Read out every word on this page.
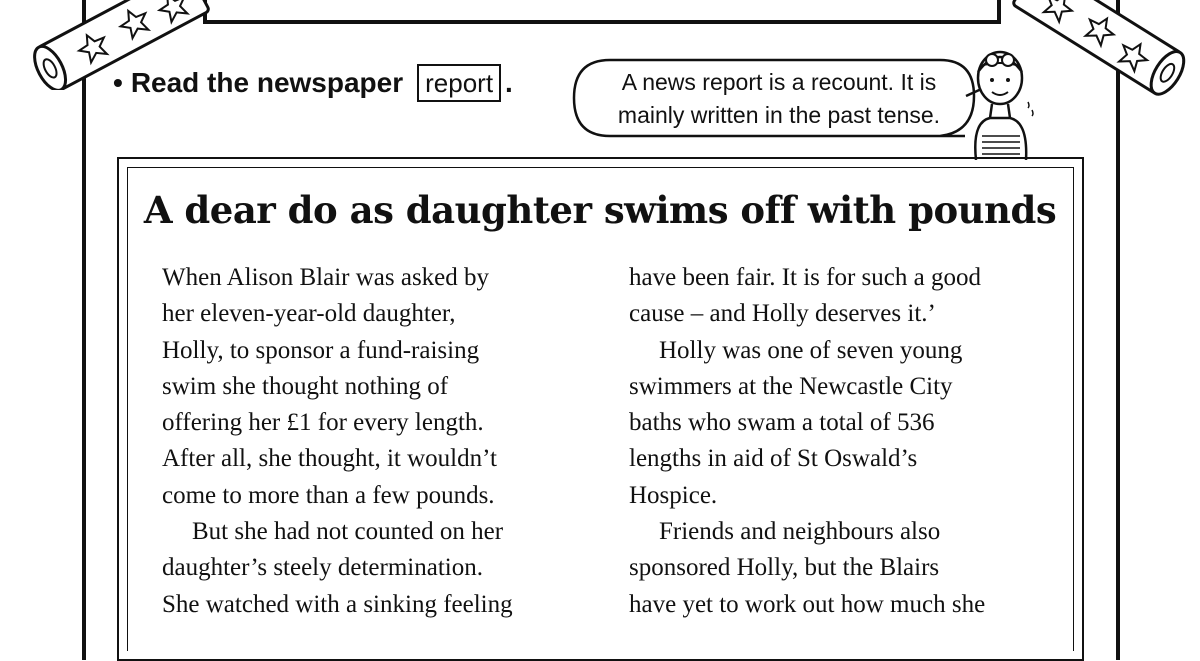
• Read the newspaper report .	A news report is a recount. It is
mainly written in the past tense.
A dear do as daughter swims off with pounds

When Alison Blair was asked by
her eleven-year-old daughter,
Holly, to sponsor a fund-raising
swim she thought nothing of
offering her £1 for every length.
After all, she thought, it wouldn’t
come to more than a few pounds.

But she had not counted on her
daughter’s steely determination.
She watched with a sinking feeling

have been fair. It is for such a good
cause – and Holly deserves it.’

Holly was one of seven young
swimmers at the Newcastle City
baths who swam a total of 536
lengths in aid of St Oswald’s
Hospice.

Friends and neighbours also
sponsored Holly, but the Blairs
have yet to work out how much she
